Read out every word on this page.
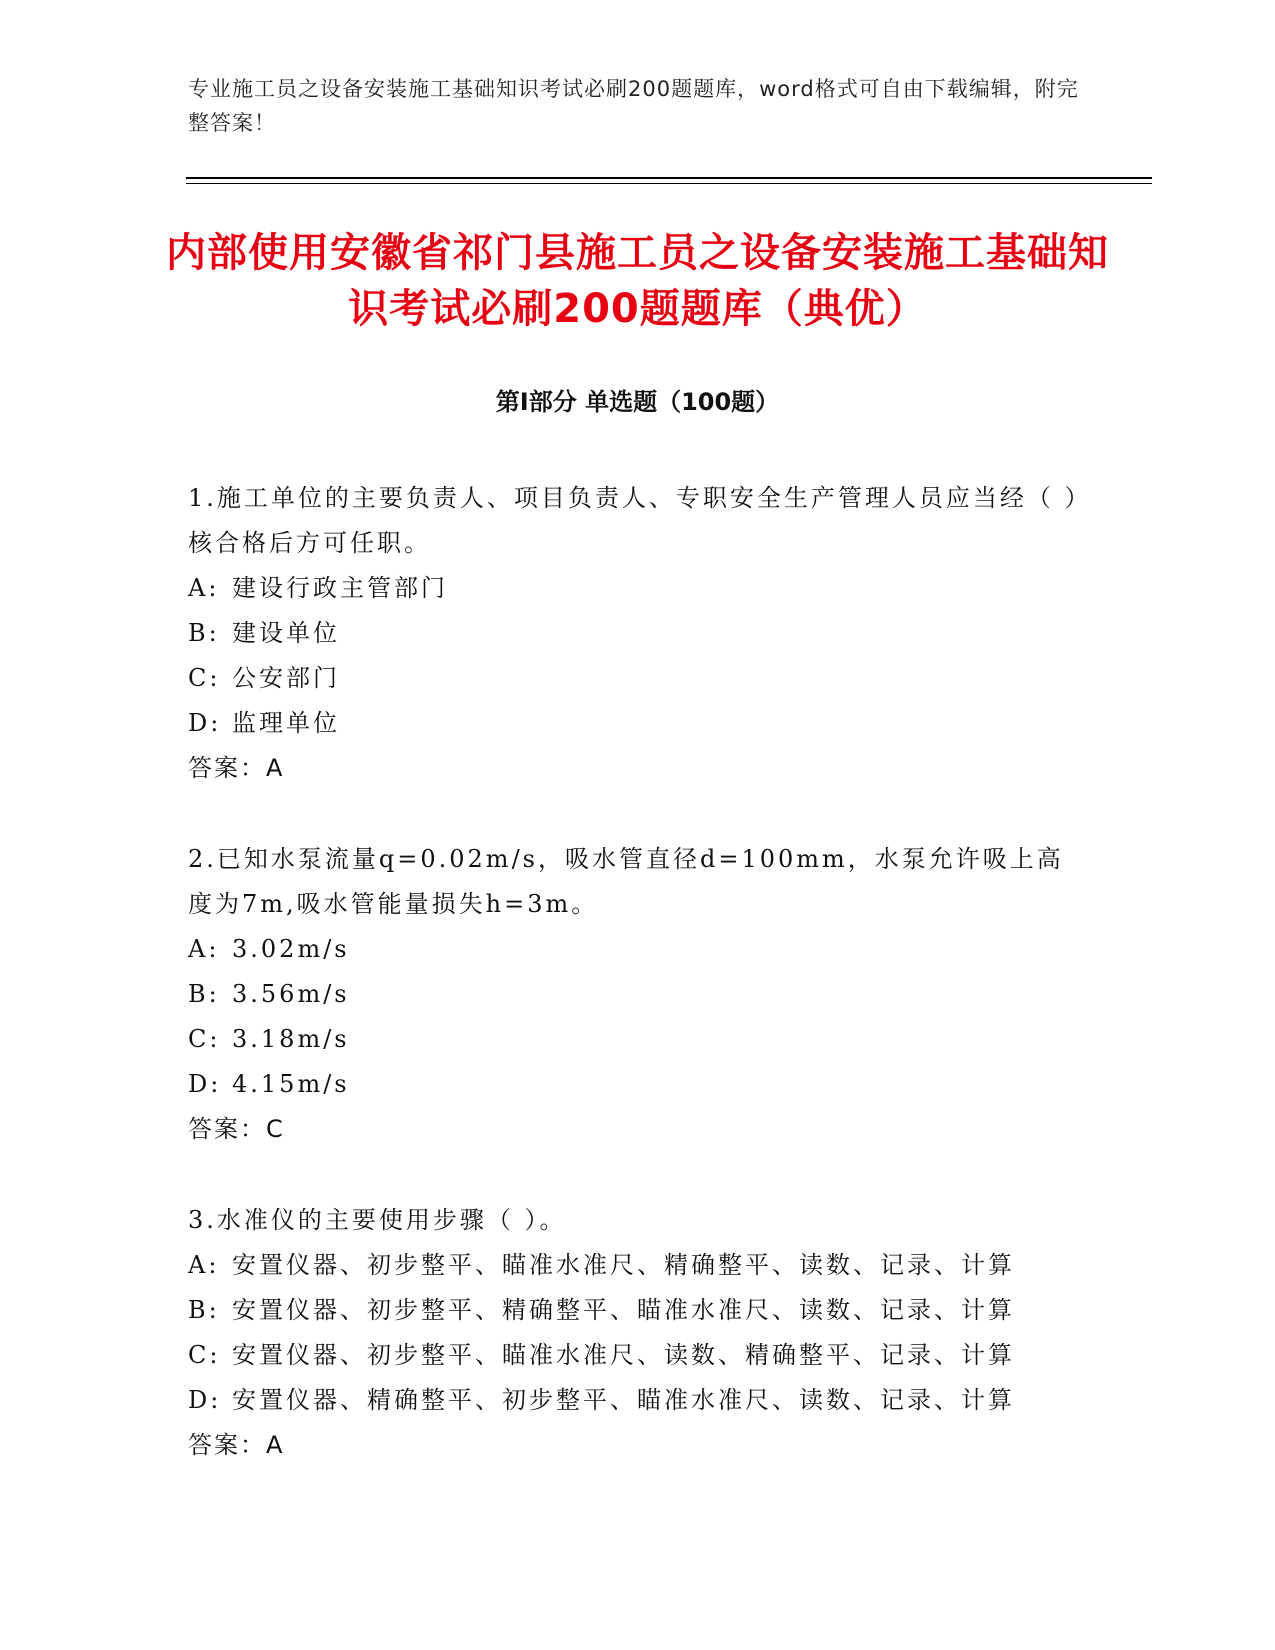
专业施工员之设备安装施工基础知识考试必刷200题题库，word格式可自由下载编辑，附完整答案！
内部使用安徽省祁门县施工员之设备安装施工基础知识考试必刷200题题库（典优）
第I部分 单选题（100题）

1.施工单位的主要负责人、项目负责人、专职安全生产管理人员应当经（ ）核合格后方可任职。

A: 建设行政主管部门

B: 建设单位

C: 公安部门

D: 监理单位

答案：A

2.已知水泵流量q=0.02m/s，吸水管直径d=100mm，水泵允许吸上高度为7m,吸水管能量损失h=3m。

A: 3.02m/s

B: 3.56m/s

C: 3.18m/s

D: 4.15m/s

答案：C

3.水准仪的主要使用步骤（ ）。

A: 安置仪器、初步整平、瞄准水准尺、精确整平、读数、记录、计算

B: 安置仪器、初步整平、精确整平、瞄准水准尺、读数、记录、计算

C: 安置仪器、初步整平、瞄准水准尺、读数、精确整平、记录、计算

D: 安置仪器、精确整平、初步整平、瞄准水准尺、读数、记录、计算

答案：A
